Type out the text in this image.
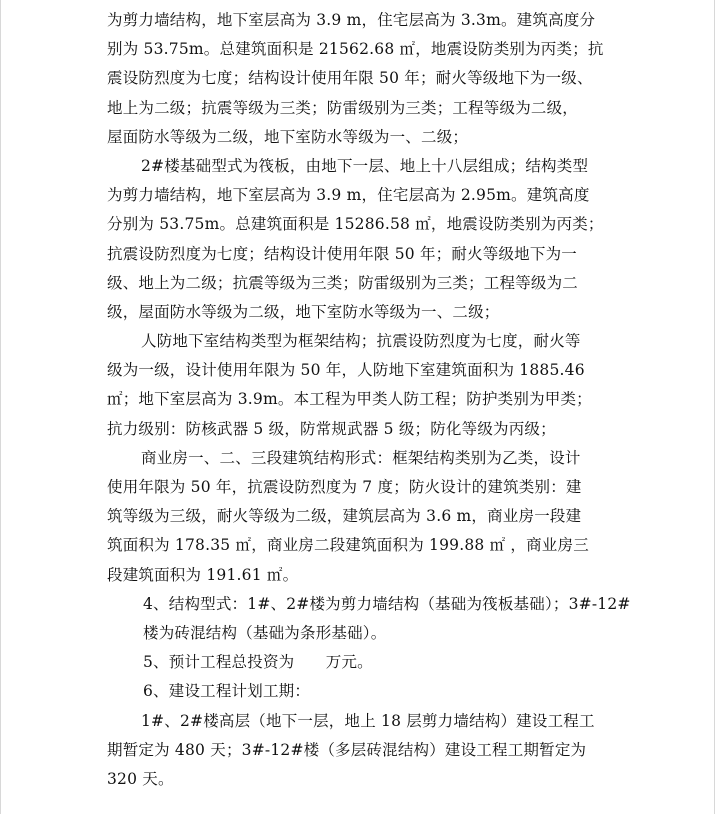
为剪力墙结构，地下室层高为 3.9 m，住宅层高为 3.3m。建筑高度分
别为 53.75m。总建筑面积是 21562.68 ㎡，地震设防类别为丙类；抗
震设防烈度为七度；结构设计使用年限 50 年；耐火等级地下为一级、
地上为二级；抗震等级为三类；防雷级别为三类；工程等级为二级，
屋面防水等级为二级，地下室防水等级为一、二级；
2#楼基础型式为筏板，由地下一层、地上十八层组成；结构类型
为剪力墙结构，地下室层高为 3.9 m，住宅层高为 2.95m。建筑高度
分别为 53.75m。总建筑面积是 15286.58 ㎡，地震设防类别为丙类；
抗震设防烈度为七度；结构设计使用年限 50 年；耐火等级地下为一
级、地上为二级；抗震等级为三类；防雷级别为三类；工程等级为二
级，屋面防水等级为二级，地下室防水等级为一、二级；
人防地下室结构类型为框架结构；抗震设防烈度为七度，耐火等
级为一级，设计使用年限为 50 年，人防地下室建筑面积为 1885.46
㎡；地下室层高为 3.9m。本工程为甲类人防工程；防护类别为甲类；
抗力级别：防核武器 5 级，防常规武器 5 级；防化等级为丙级；
商业房一、二、三段建筑结构形式：框架结构类别为乙类，设计
使用年限为 50 年，抗震设防烈度为 7 度；防火设计的建筑类别：建
筑等级为三级，耐火等级为二级，建筑层高为 3.6 m，商业房一段建
筑面积为 178.35 ㎡，商业房二段建筑面积为 199.88 ㎡ ，商业房三
段建筑面积为 191.61 ㎡。
4、结构型式：1#、2#楼为剪力墙结构（基础为筏板基础）；3#-12#
楼为砖混结构（基础为条形基础）。
5、预计工程总投资为　　万元。
6、建设工程计划工期：
1#、2#楼高层（地下一层，地上 18 层剪力墙结构）建设工程工
期暂定为 480 天；3#-12#楼（多层砖混结构）建设工程工期暂定为
320 天。
